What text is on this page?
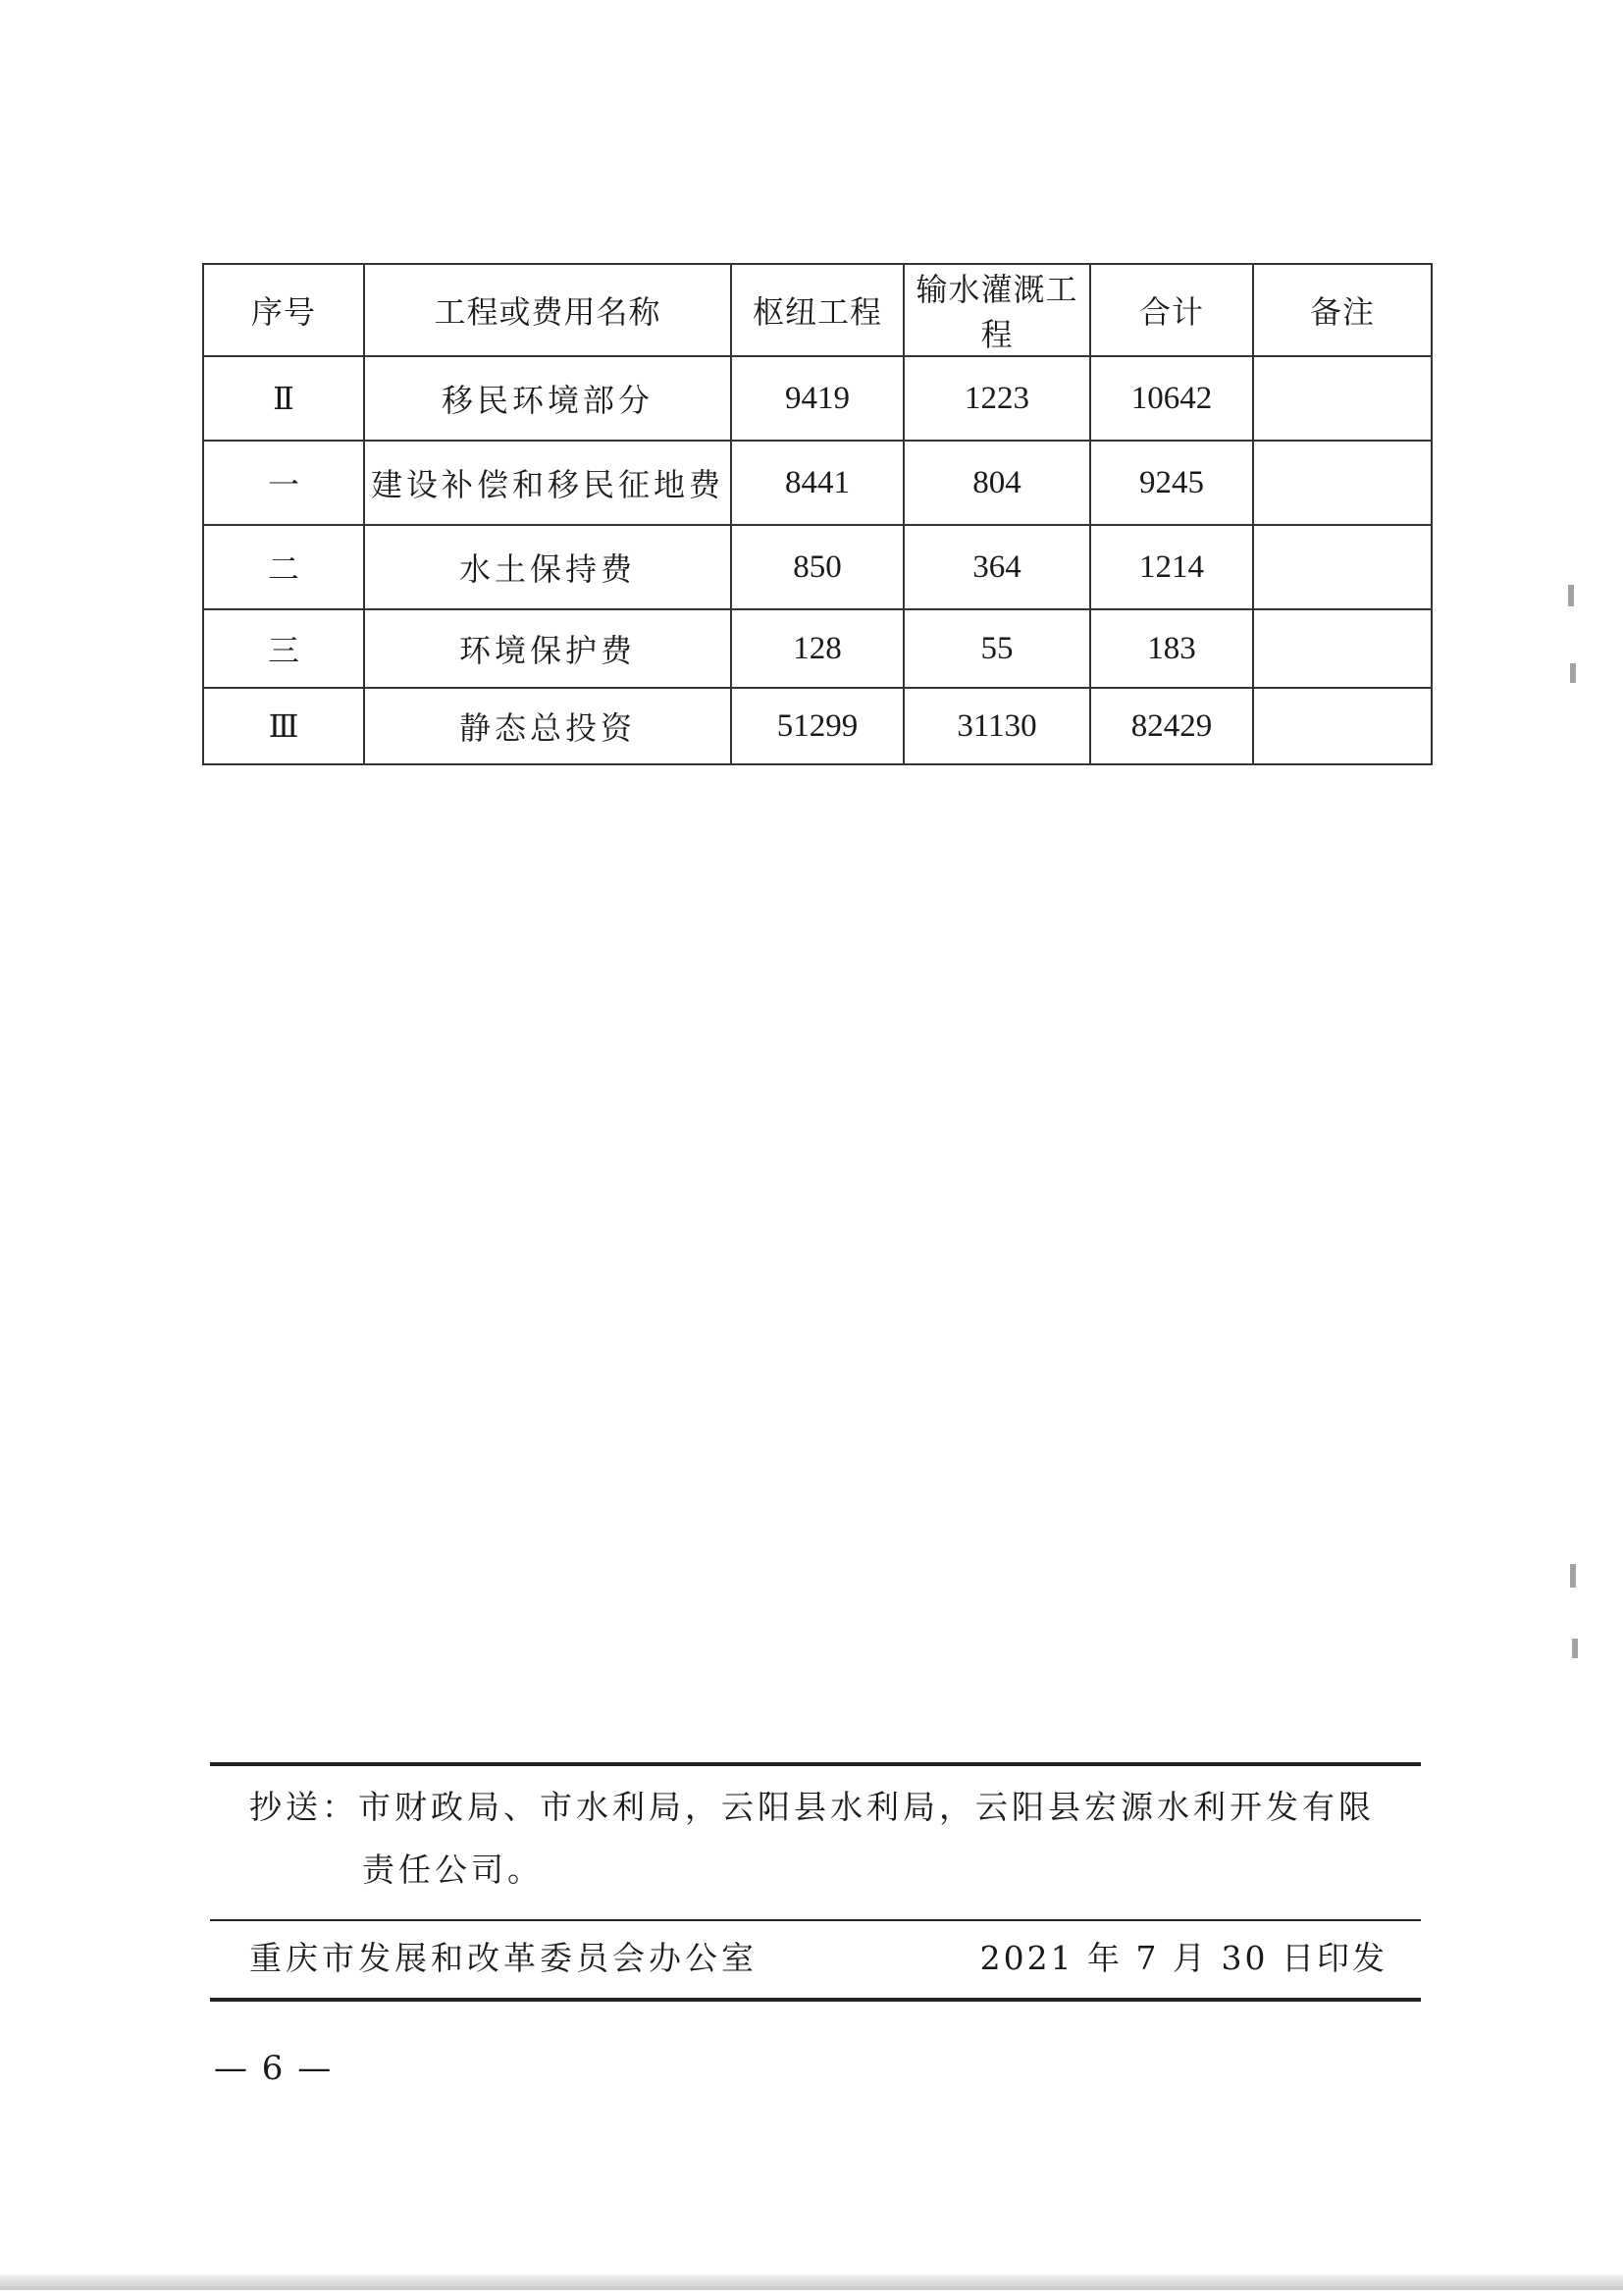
序号	工程或费用名称	枢纽工程	输水灌溉工程	合计	备注
Ⅱ	移民环境部分	9419	1223	10642	
一	建设补偿和移民征地费	8441	804	9245	
二	水土保持费	850	364	1214	
三	环境保护费	128	55	183	
Ⅲ	静态总投资	51299	31130	82429	
抄送：市财政局、市水利局，云阳县水利局，云阳县宏源水利开发有限
责任公司。
重庆市发展和改革委员会办公室	2021 年 7 月 30 日印发
— 6 —
